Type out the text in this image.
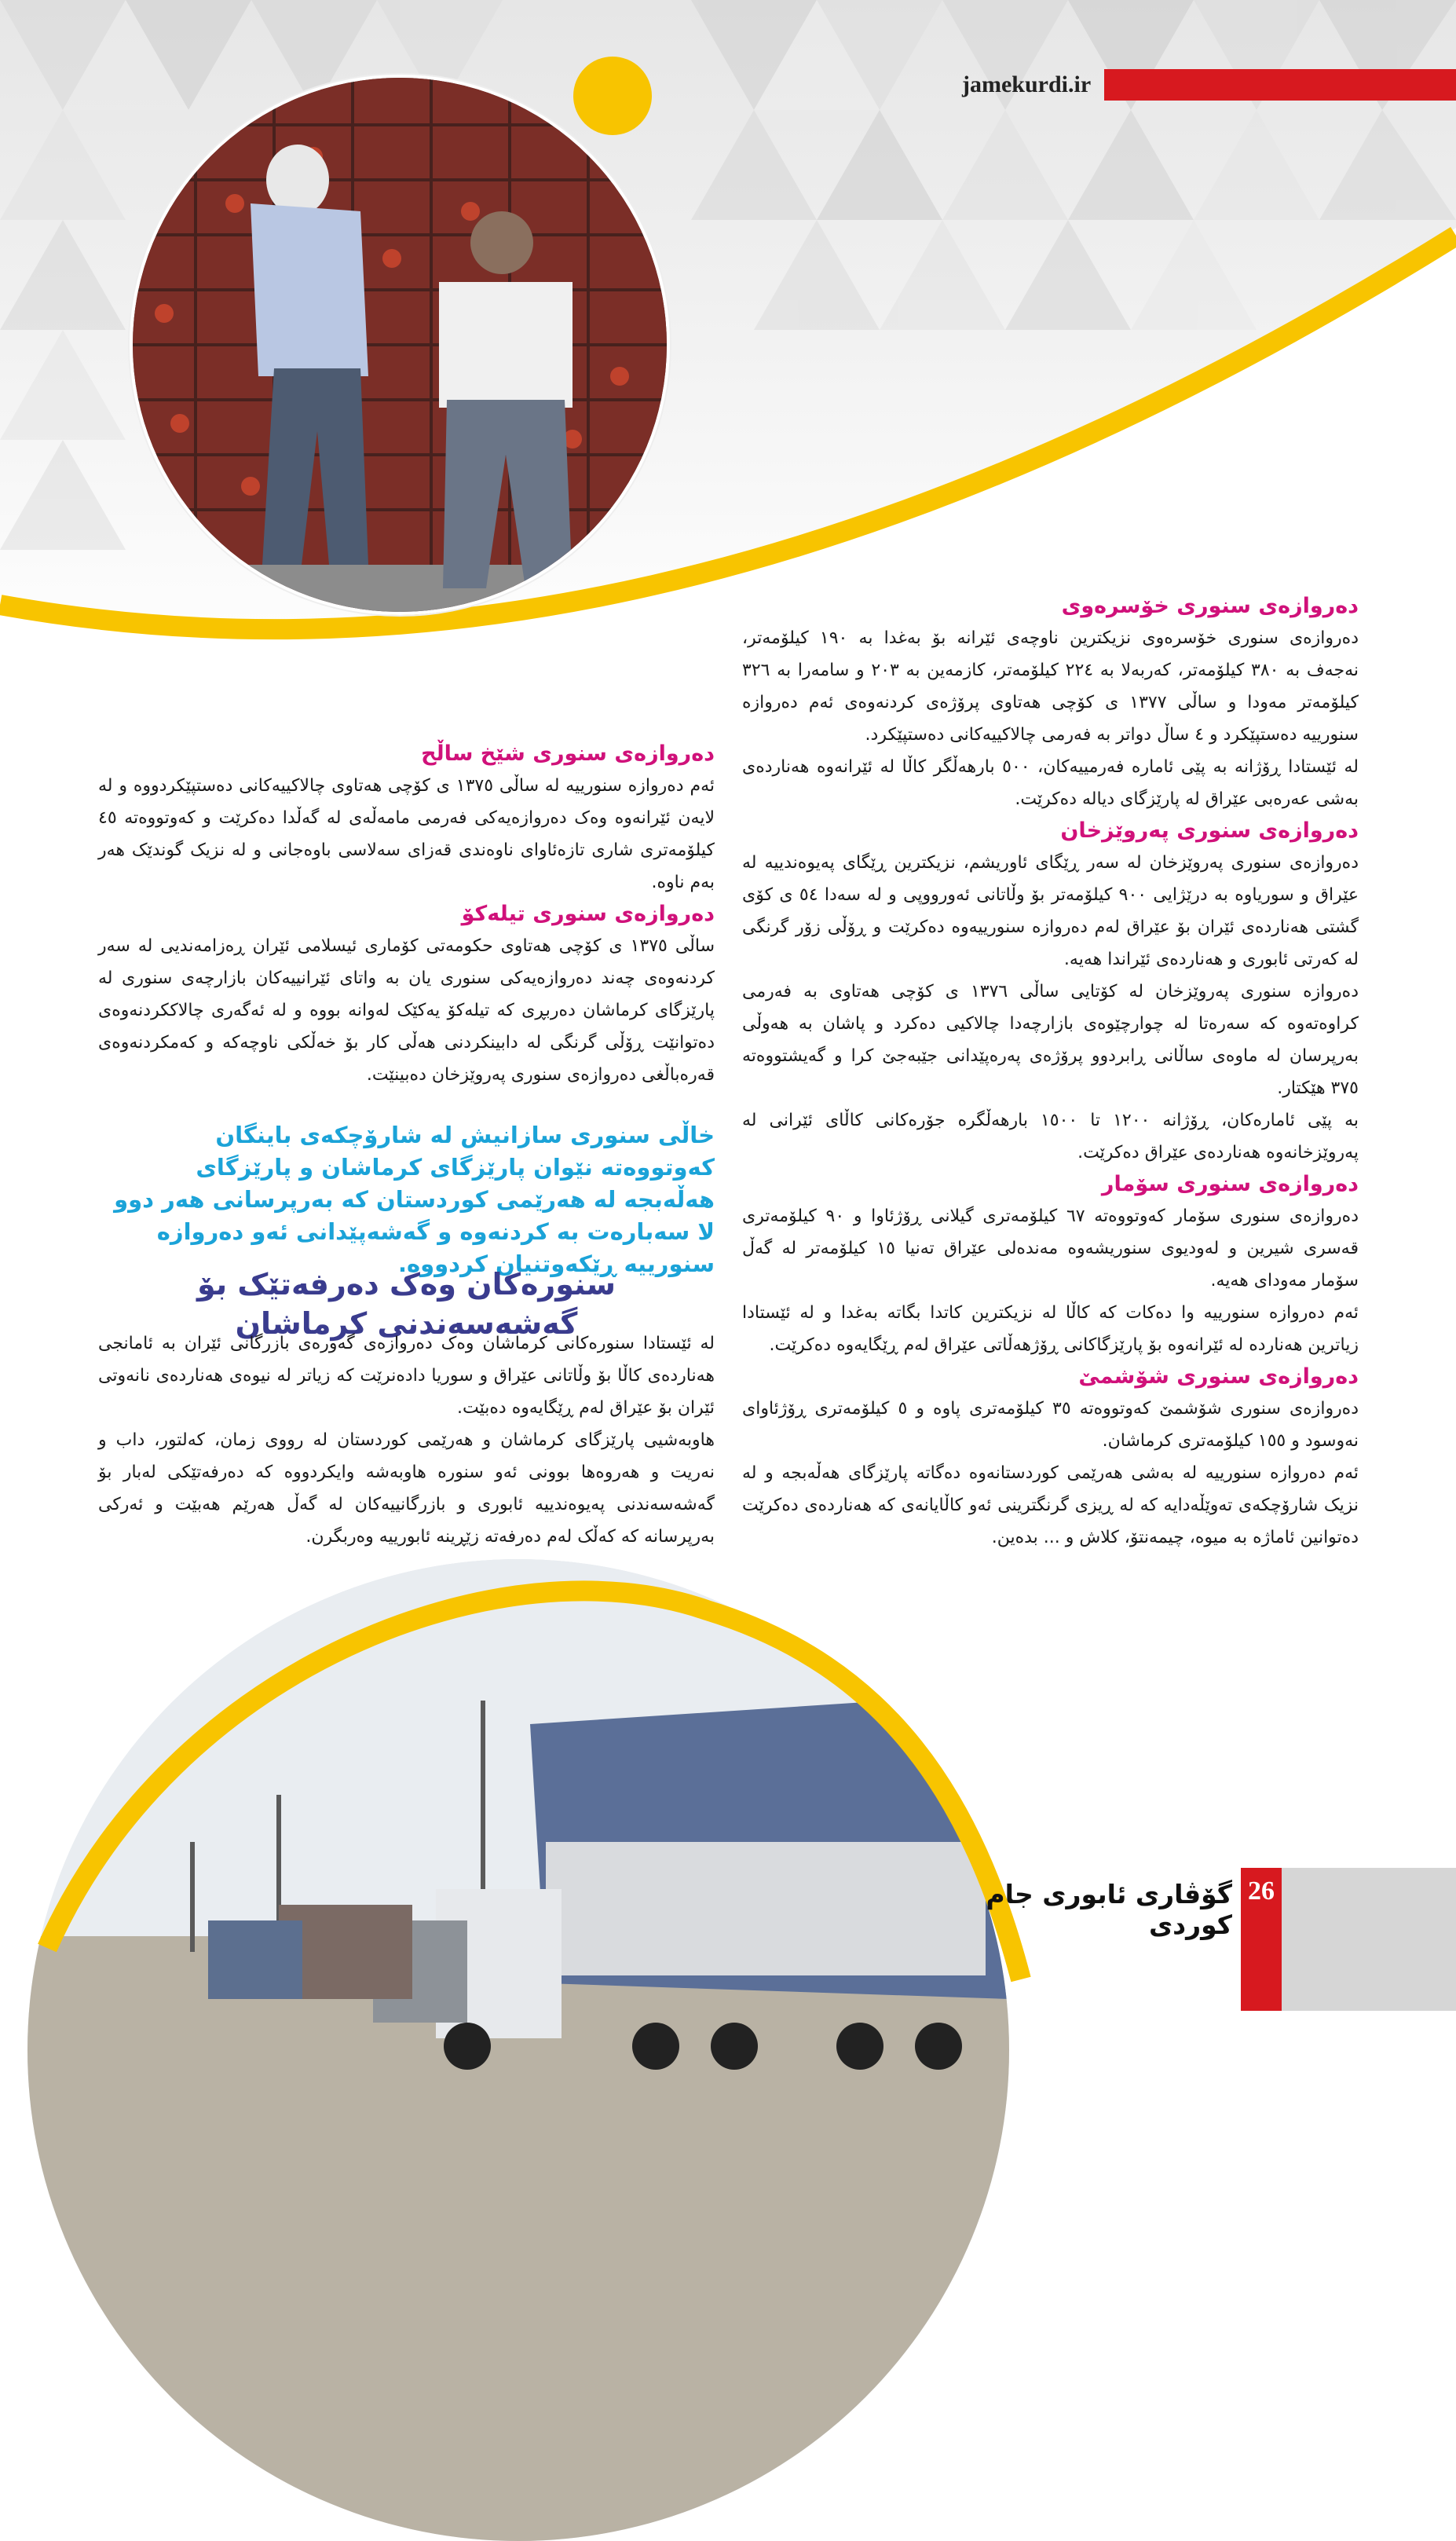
jamekurdi.ir
دەروازەی سنوری خۆسرەوی

دەروازەی سنوری خۆسرەوی نزیکترین ناوچەی ئێرانە بۆ بەغدا بە ١٩٠ کیلۆمەتر، نەجەف بە ٣٨٠ کیلۆمەتر، کەربەلا بە ٢٢٤ کیلۆمەتر، کازمەین بە ٢٠٣ و سامەرا بە ٣٢٦ کیلۆمەتر مەودا و ساڵی ١٣٧٧ ی کۆچی هەتاوی پرۆژەی کردنەوەی ئەم دەروازە سنورییە دەستپێکرد و ٤ ساڵ دواتر بە فەرمی چالاکییەکانی دەستپێکرد.

لە ئێستادا ڕۆژانە بە پێی ئامارە فەرمییەکان، ٥٠٠ بارهەڵگر کاڵا لە ئێرانەوە هەناردەی بەشی عەرەبی عێراق لە پارێزگای دیالە دەکرێت.

دەروازەی سنوری پەروێزخان

دەروازەی سنوری پەروێزخان لە سەر ڕێگای ئاوریشم، نزیکترین ڕێگای پەیوەندییە لە عێراق و سوریاوە بە درێژایی ٩٠٠ کیلۆمەتر بۆ وڵاتانی ئەورووپی و لە سەدا ٥٤ ی کۆی گشتی هەناردەی ئێران بۆ عێراق لەم دەروازە سنورییەوە دەکرێت و ڕۆڵی زۆر گرنگی لە کەرتی ئابوری و هەناردەی ئێراندا هەیە.

دەروازە سنوری پەروێزخان لە کۆتایی ساڵی ١٣٧٦ ی کۆچی هەتاوی بە فەرمی کراوەتەوە کە سەرەتا لە چوارچێوەی بازارچەدا چالاکیی دەکرد و پاشان بە هەوڵی بەرپرسان لە ماوەی ساڵانی ڕابردوو پرۆژەی پەرەپێدانی جێبەجێ کرا و گەیشتووەتە ٣٧٥ هێکتار.

بە پێی ئامارەکان، ڕۆژانە ١٢٠٠ تا ١٥٠٠ بارهەڵگرە جۆرەکانی کاڵای ئێرانی لە پەروێزخانەوە هەناردەی عێراق دەکرێت.

دەروازەی سنوری سۆمار

دەروازەی سنوری سۆمار کەوتووەتە ٦٧ کیلۆمەتری گیلانی ڕۆژئاوا و ٩٠ کیلۆمەتری قەسری شیرین و لەودیوی سنوریشەوە مەندەلی عێراق تەنیا ١٥ کیلۆمەتر لە گەڵ سۆمار مەودای هەیە.

ئەم دەروازە سنورییە وا دەکات کە کاڵا لە نزیکترین کاتدا بگاتە بەغدا و لە ئێستادا زیاترین هەناردە لە ئێرانەوە بۆ پارێزگاکانی ڕۆژهەڵاتی عێراق لەم ڕێگایەوە دەکرێت.

دەروازەی سنوری شۆشمێ

دەروازەی سنوری شۆشمێ کەوتووەتە ٣٥ کیلۆمەتری پاوە و ٥ کیلۆمەتری ڕۆژئاوای نەوسود و ١٥٥ کیلۆمەتری کرماشان.

ئەم دەروازە سنورییە لە بەشی هەرێمی کوردستانەوە دەگاتە پارێزگای هەڵەبجە و لە نزیک شارۆچکەی تەوێڵەدایە کە لە ڕیزی گرنگترینی ئەو کاڵایانەی کە هەناردەی دەکرێت دەتوانین ئاماژە بە میوە، چیمەنتۆ، کلاش و ... بدەین.

دەروازەی سنوری شێخ ساڵح

ئەم دەروازە سنورییە لە ساڵی ١٣٧٥ ی کۆچی هەتاوی چالاکییەکانی دەستپێکردووە و لە لایەن ئێرانەوە وەک دەروازەیەکی فەرمی مامەڵەی لە گەڵدا دەکرێت و کەوتووەتە ٤٥ کیلۆمەتری شاری تازەئاوای ناوەندی قەزای سەلاسی باوەجانی و لە نزیک گوندێک هەر بەم ناوە.

دەروازەی سنوری تیلەکۆ

ساڵی ١٣٧٥ ی کۆچی هەتاوی حکومەتی کۆماری ئیسلامی ئێران ڕەزامەندیی لە سەر کردنەوەی چەند دەروازەیەکی سنوری یان بە واتای ئێرانییەکان بازارچەی سنوری لە پارێزگای کرماشان دەربڕی کە تیلەکۆ یەکێک لەوانە بووە و لە ئەگەری چالاککردنەوەی دەتوانێت ڕۆڵی گرنگی لە دابینکردنی هەڵی کار بۆ خەڵکی ناوچەکە و کەمکردنەوەی قەرەباڵغی دەروازەی سنوری پەروێزخان دەبینێت.

خاڵی سنوری سازانیش لە شارۆچکەی باینگان کەوتووەتە نێوان پارێزگای کرماشان و پارێزگای هەڵەبجە لە هەرێمی کوردستان کە بەرپرسانی هەر دوو لا سەبارەت بە کردنەوە و گەشەپێدانی ئەو دەروازە سنورییە ڕێکەوتنیان کردووە.
سنورەکان وەک دەرفەتێک بۆ گەشەسەندنی کرماشان

لە ئێستادا سنورەکانی کرماشان وەک دەروازەی گەورەی بازرگانی ئێران بە ئامانجی هەناردەی کاڵا بۆ وڵاتانی عێراق و سوریا دادەنرێت کە زیاتر لە نیوەی هەناردەی نانەوتی ئێران بۆ عێراق لەم ڕێگایەوە دەبێت.

هاوبەشیی پارێزگای کرماشان و هەرێمی کوردستان لە رووی زمان، کەلتور، داب و نەریت و هەروەها بوونی ئەو سنورە هاوبەشە وایکردووە کە دەرفەتێکی لەبار بۆ گەشەسەندنی پەیوەندییە ئابوری و بازرگانییەکان لە گەڵ هەرێم هەبێت و ئەرکی بەرپرسانە کە کەڵک لەم دەرفەتە زێڕینە ئابورییە وەربگرن.

26
گۆڤاری ئابوری جام کوردی
